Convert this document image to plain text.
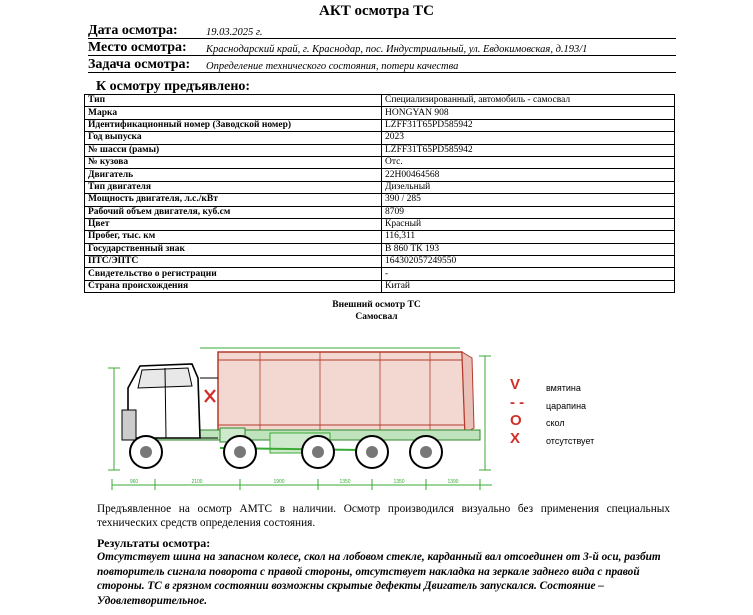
АКТ осмотра ТС
Дата осмотра:	19.03.2025 г.
Место осмотра: Краснодарский край, г. Краснодар, пос. Индустриальный, ул. Евдокимовская, д.193/1
Задача осмотра: Определение технического состояния, потери качества
К осмотру предъявлено:
Тип	Специализированный, автомобиль - самосвал
Марка	HONGYAN 908
Идентификационный номер (Заводской номер)	LZFF31T65PD585942
Год выпуска	2023
№ шасси (рамы)	LZFF31T65PD585942
№ кузова	Отс.
Двигатель	22H00464568
Тип двигателя	Дизельный
Мощность двигателя, л.с./кВт	390 / 285
Рабочий объем двигателя, куб.см	8709
Цвет	Красный
Пробег, тыс. км	116,311
Государственный знак	В 860 ТК 193
ПТС/ЭПТС	164302057249550
Свидетельство о регистрации	-
Страна происхождения	Китай
Внешний осмотр ТС
Самосвал
960	2100	1900	1350	1350	1390
V	вмятина
- - царапина
O	скол
X	отсутствует
Предъявленное на осмотр АМТС в наличии. Осмотр производился визуально без применения специальных технических средств определения состояния.
Результаты осмотра:
Отсутствует шина на запасном колесе, скол на лобовом стекле, карданный вал отсоединен от 3-й оси, разбит повторитель сигнала поворота с правой стороны, отсутствует накладка на зеркале заднего вида с правой стороны. ТС в грязном состоянии возможны скрытые дефекты Двигатель запускался. Состояние – Удовлетворительное.
